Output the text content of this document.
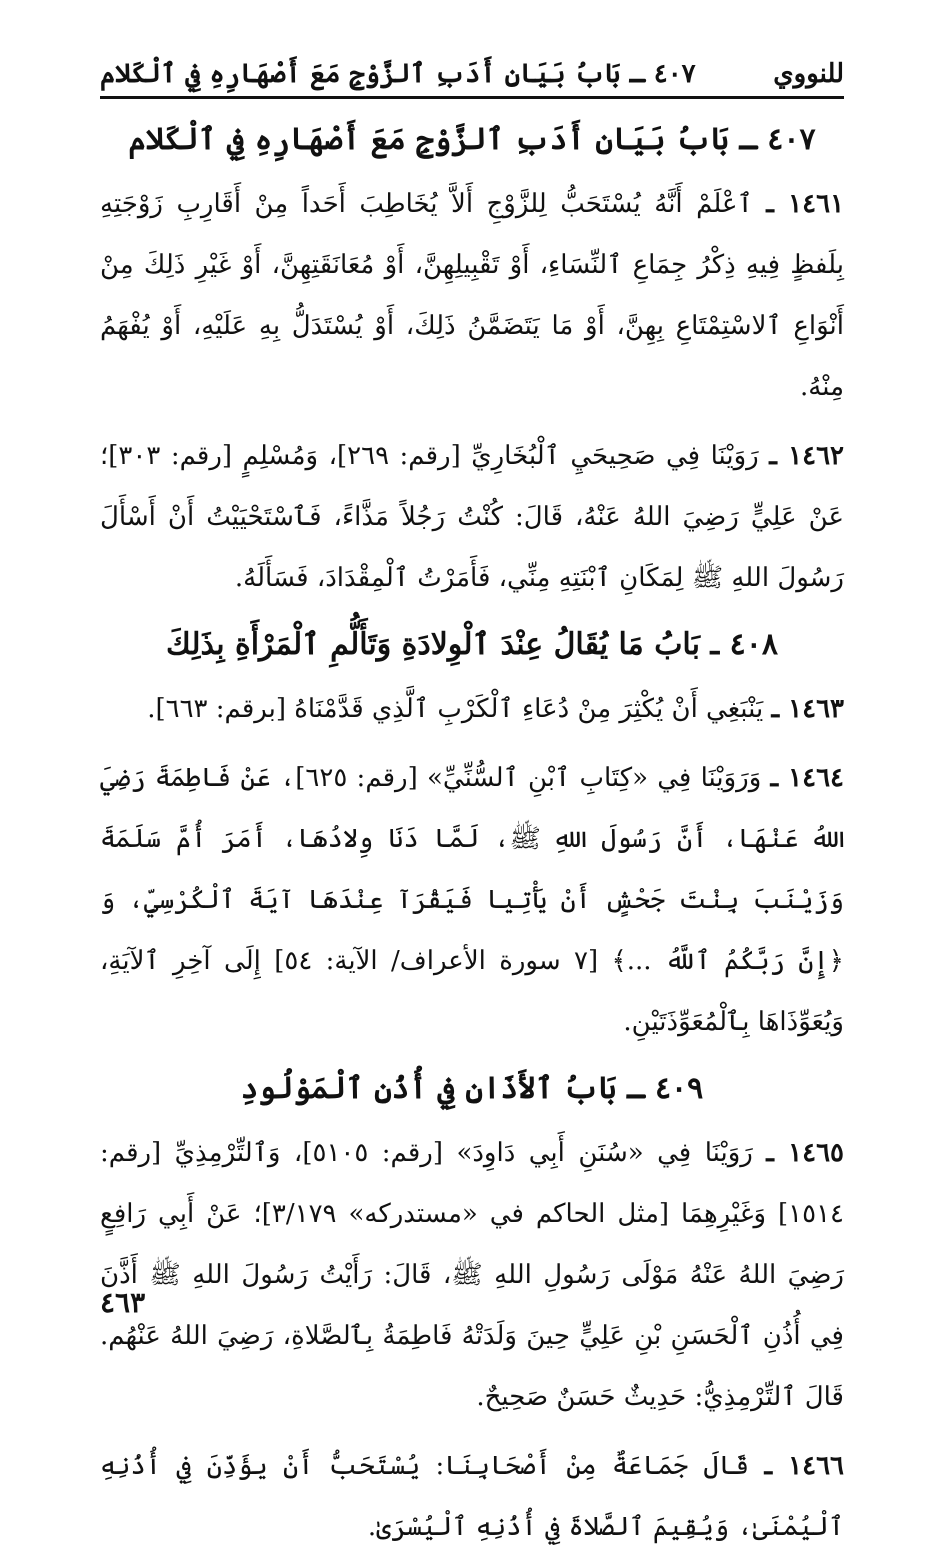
للنووي
٤٠٧ ـ بَابُ بَيَانِ أَدَبِ ٱلزَّوْجِ مَعَ أَصْهَارِهِ فِي ٱلْكَلام
٤٠٧ ـ بَابُ بَيَانِ أَدَبِ ٱلزَّوْجِ مَعَ أَصْهَارِهِ فِي ٱلْكَلام

١٤٦١ ـ ٱعْلَمْ أَنَّهُ يُسْتَحَبُّ لِلزَّوْجِ أَلاَّ يُخَاطِبَ أَحَداً مِنْ أَقَارِبِ زَوْجَتِهِ بِلَفظٍ فِيهِ ذِكْرُ جِمَاعِ ٱلنِّسَاءِ، أَوْ تَقْبِيلِهِنَّ، أَوْ مُعَانَقَتِهِنَّ، أَوْ غَيْرِ ذَلِكَ مِنْ أَنْوَاعِ ٱلاسْتِمْتَاعِ بِهِنَّ، أَوْ مَا يَتَضَمَّنُ ذَلِكَ، أَوْ يُسْتَدَلُّ بِهِ عَلَيْهِ، أَوْ يُفْهَمُ مِنْهُ.

١٤٦٢ ـ رَوَيْنَا فِي صَحِيحَيِ ٱلْبُخَارِيِّ [رقم: ٢٦٩]، وَمُسْلِمٍ [رقم: ٣٠٣]؛ عَنْ عَلِيٍّ رَضِيَ اللهُ عَنْهُ، قَالَ: كُنْتُ رَجُلاً مَذَّاءً، فَٱسْتَحْيَيْتُ أَنْ أَسْأَلَ رَسُولَ اللهِ ﷺ لِمَكَانِ ٱبْنَتِهِ مِنِّي، فَأَمَرْتُ ٱلْمِقْدَادَ، فَسَأَلَهُ.

٤٠٨ ـ بَابُ مَا يُقَالُ عِنْدَ ٱلْوِلادَةِ وَتَأَلُّمِ ٱلْمَرْأَةِ بِذَلِكَ

١٤٦٣ ـ يَنْبَغِي أَنْ يُكْثِرَ مِنْ دُعَاءِ ٱلْكَرْبِ ٱلَّذِي قَدَّمْنَاهُ [برقم: ٦٦٣].

١٤٦٤ ـ وَرَوَيْنَا فِي «كِتَابِ ٱبْنِ ٱلسُّنِّيِّ» [رقم: ٦٢٥]، عَنْ فَاطِمَةَ رَضِيَ اللهُ عَنْهَا، أَنَّ رَسُولَ اللهِ ﷺ، لَمَّا دَنَا وِلادُهَا، أَمَرَ أُمَّ سَلَمَةَ وَزَيْنَبَ بِنْتَ جَحْشٍ أَنْ يَأْتِيا فَيَقْرَآ عِنْدَهَا آيَةَ ٱلْكُرْسِيِّ، وَ ﴿إِنَّ رَبَّكُمُ ٱللَّهُ ...﴾ [٧ سورة الأعراف/ الآية: ٥٤] إِلَى آخِرِ ٱلآيَةِ، وَيُعَوِّذَاهَا بِٱلْمُعَوِّذَتَيْنِ.

٤٠٩ ـ بَابُ ٱلأَذَانِ فِي أُذُنِ ٱلْمَوْلُودِ

١٤٦٥ ـ رَوَيْنَا فِي «سُنَنِ أَبِي دَاوِدَ» [رقم: ٥١٠٥]، وَٱلتِّرْمِذِيِّ [رقم: ١٥١٤] وَغَيْرِهِمَا [مثل الحاكم في «مستدركه» ٣/١٧٩]؛ عَنْ أَبِي رَافِعٍ رَضِيَ اللهُ عَنْهُ مَوْلَى رَسُولِ اللهِ ﷺ، قَالَ: رَأَيْتُ رَسُولَ اللهِ ﷺ أَذَّنَ فِي أُذُنِ ٱلْحَسَنِ بْنِ عَلِيٍّ حِينَ وَلَدَتْهُ فَاطِمَةُ بِٱلصَّلاةِ، رَضِيَ اللهُ عَنْهُم. قَالَ ٱلتِّرْمِذِيُّ: حَدِيثٌ حَسَنٌ صَحِيحٌ.

١٤٦٦ ـ قَالَ جَمَاعَةٌ مِنْ أَصْحَابِنَا: يُسْتَحَبُّ أَنْ يؤَذِّنَ فِي أُذُنِهِ ٱلْيُمْنَىٰ، وَيُقِيمَ ٱلصَّلاةَ فِي أُذُنِهِ ٱلْيُسْرَىٰ.

٤٦٣
